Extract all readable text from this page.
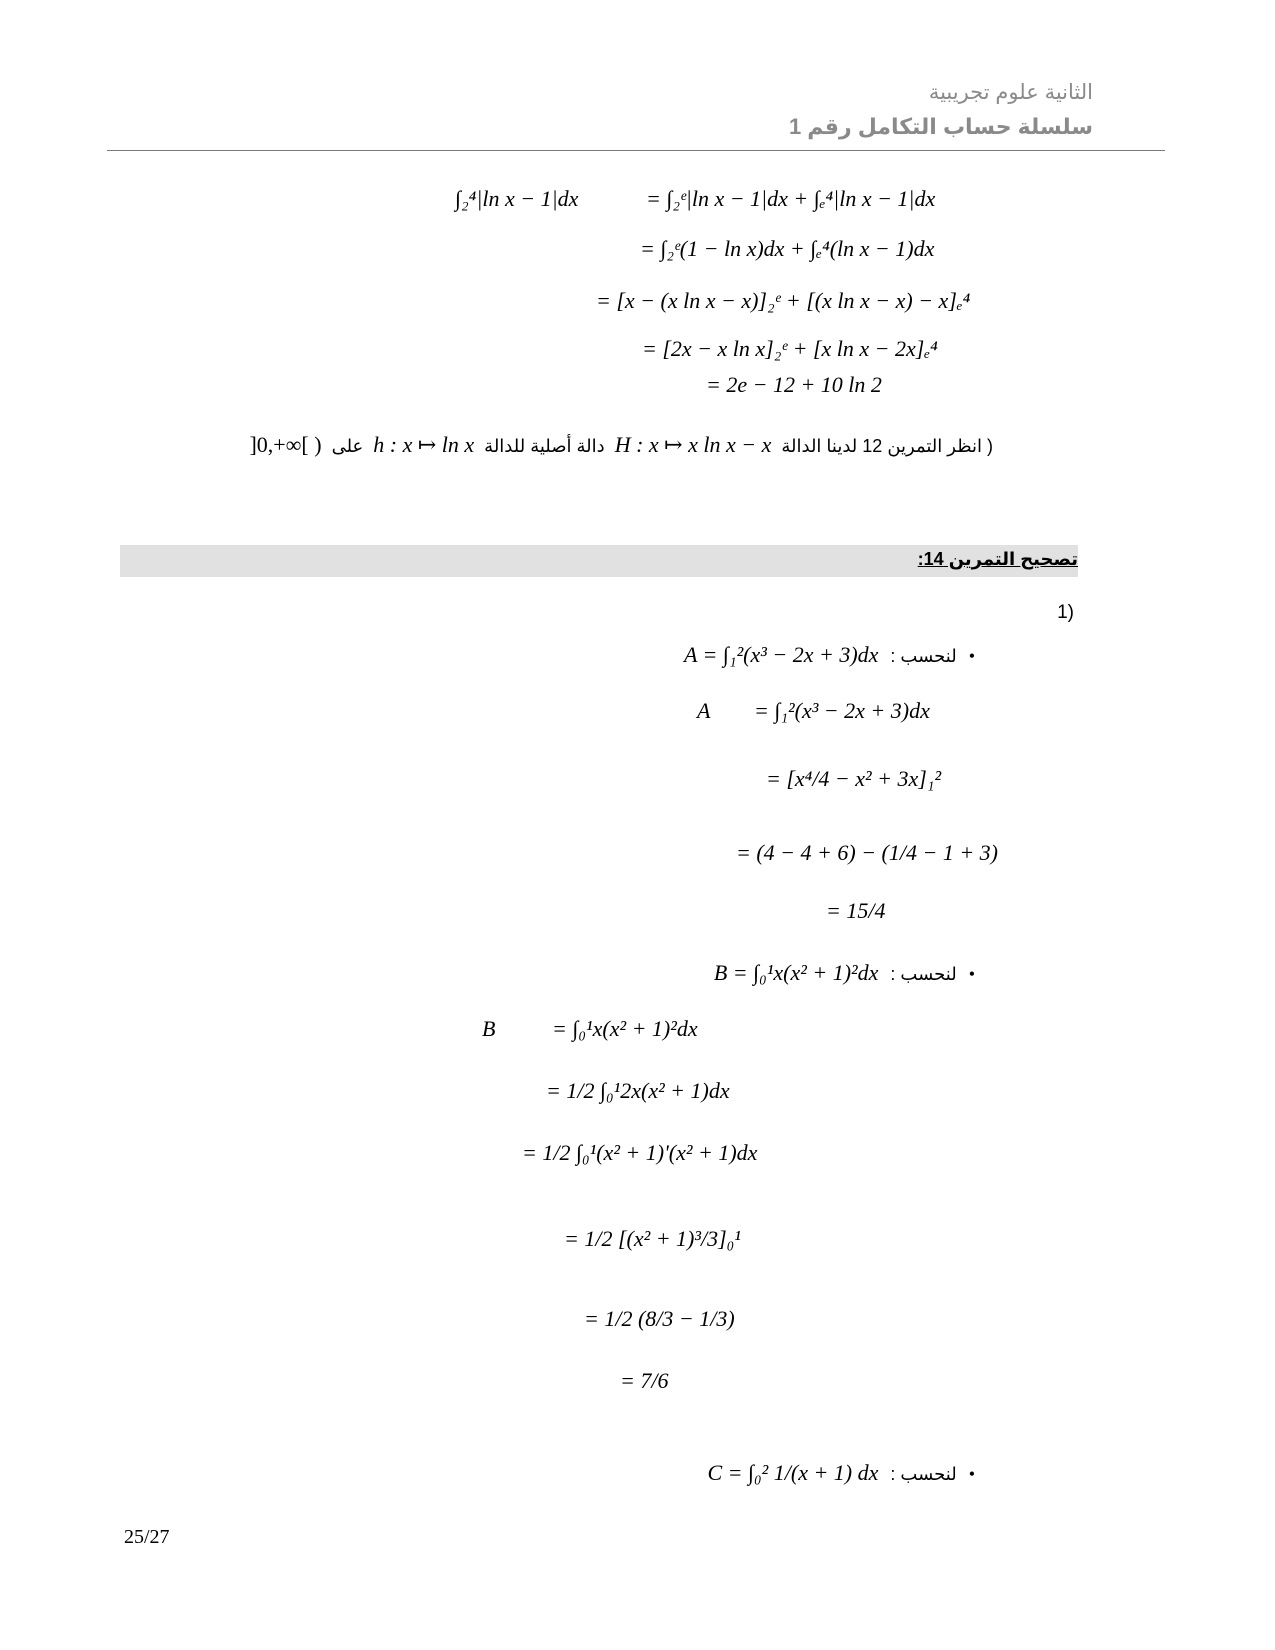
الثانية علوم تجريبية
سلسلة حساب التكامل رقم 1
∫₂⁴|ln x − 1|dx	= ∫₂ᵉ|ln x − 1|dx + ∫ₑ⁴|ln x − 1|dx
= ∫₂ᵉ(1 − ln x)dx + ∫ₑ⁴(ln x − 1)dx
= [x − (x ln x − x)]₂ᵉ + [(x ln x − x) − x]ₑ⁴
= [2x − x ln x]₂ᵉ + [x ln x − 2x]ₑ⁴
= 2e − 12 + 10 ln 2
( انظر التمرين 12 لدينا الدالة
H : x ↦ x ln x − x
دالة أصلية للدالة
h : x ↦ ln x
على
]0,+∞[ )
تصحيح التمرين 14:
(1
•
لنحسب :
A = ∫₁²(x³ − 2x + 3)dx
A = ∫₁²(x³ − 2x + 3)dx
= [x⁴/4 − x² + 3x]₁²
= (4 − 4 + 6) − (1/4 − 1 + 3)
= 15/4
•
لنحسب :
B = ∫₀¹x(x² + 1)²dx
B	= ∫₀¹x(x² + 1)²dx
= 1/2 ∫₀¹2x(x² + 1)dx
= 1/2 ∫₀¹(x² + 1)'(x² + 1)dx
= 1/2 [(x² + 1)³/3]₀¹
= 1/2 (8/3 − 1/3)
= 7/6
•
لنحسب :
C = ∫₀² 1/(x + 1) dx
25/27
